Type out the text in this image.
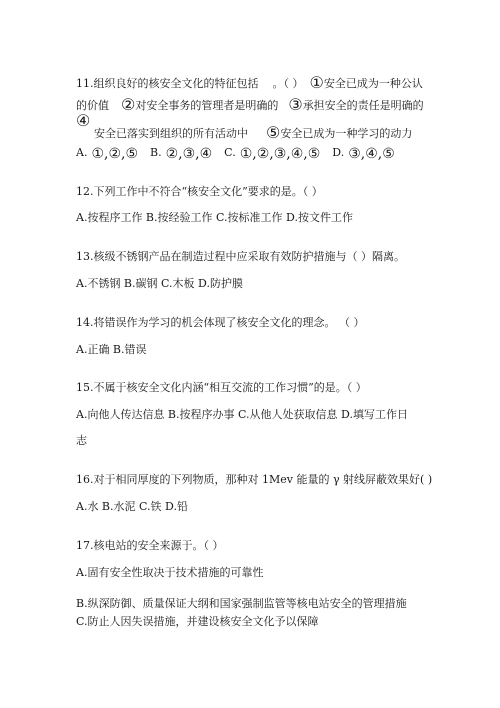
11.组织良好的核安全文化的特征包括 。（ ） ①安全已成为一种公认
的价值 ②对安全事务的管理者是明确的 ③承担安全的责任是明确的
④
安全已落实到组织的所有活动中 ⑤安全已成为一种学习的动力
A. ①,②,⑤ B. ②,③,④ C. ①,②,③,④,⑤ D. ③,④,⑤
12.下列工作中不符合“核安全文化”要求的是。（ ）
A.按程序工作 B.按经验工作 C.按标准工作 D.按文件工作
13.核级不锈钢产品在制造过程中应采取有效防护措施与（ ）隔离。
A.不锈钢 B.碳钢 C.木板 D.防护膜
14.将错误作为学习的机会体现了核安全文化的理念。 （ ）
A.正确 B.错误
15.不属于核安全文化内涵“相互交流的工作习惯”的是。（ ）
A.向他人传达信息 B.按程序办事 C.从他人处获取信息 D.填写工作日
志
16.对于相同厚度的下列物质，那种对 1Mev 能量的 γ 射线屏蔽效果好( )
A.水 B.水泥 C.铁 D.铅
17.核电站的安全来源于。（ ）
A.固有安全性取决于技术措施的可靠性
B.纵深防御、质量保证大纲和国家强制监管等核电站安全的管理措施
C.防止人因失误措施，并建设核安全文化予以保障
